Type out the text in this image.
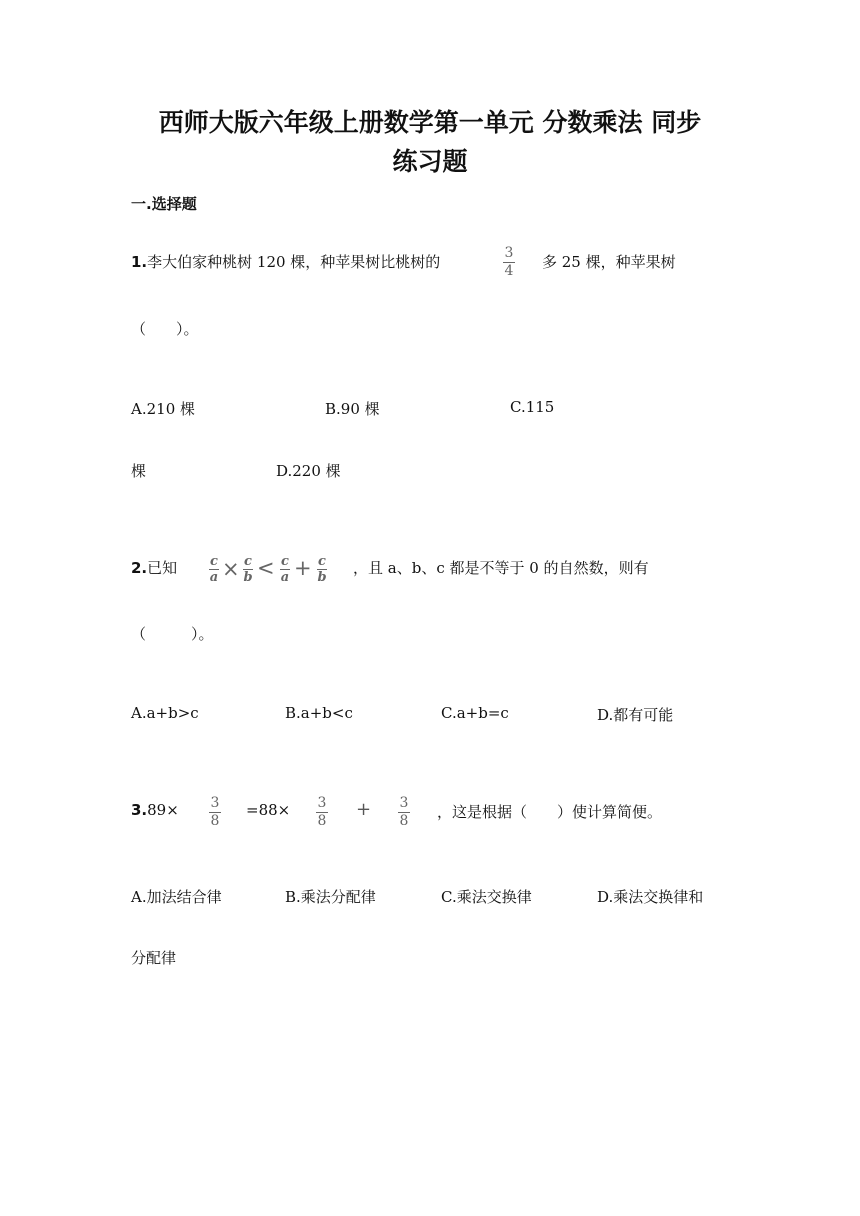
西师大版六年级上册数学第一单元 分数乘法 同步
练习题
一.选择题
1.李大伯家种桃树 120 棵，种苹果树比桃树的	3
4 多 25 棵，种苹果树
（　　）。
A.210 棵	B.90 棵	C.115
棵	D.220 棵
2.已知	c
a × c
b < c
a + c
b
，且 a、b、c 都是不等于 0 的自然数，则有
（　　　）。
A.a+b>c	B.a+b<c	C.a+b=c	D.都有可能
3.89× 3
8
=88× 3
8
+ 3
8 ，这是根据（　　）使计算简便。
A.加法结合律	B.乘法分配律	C.乘法交换律	D.乘法交换律和
分配律
